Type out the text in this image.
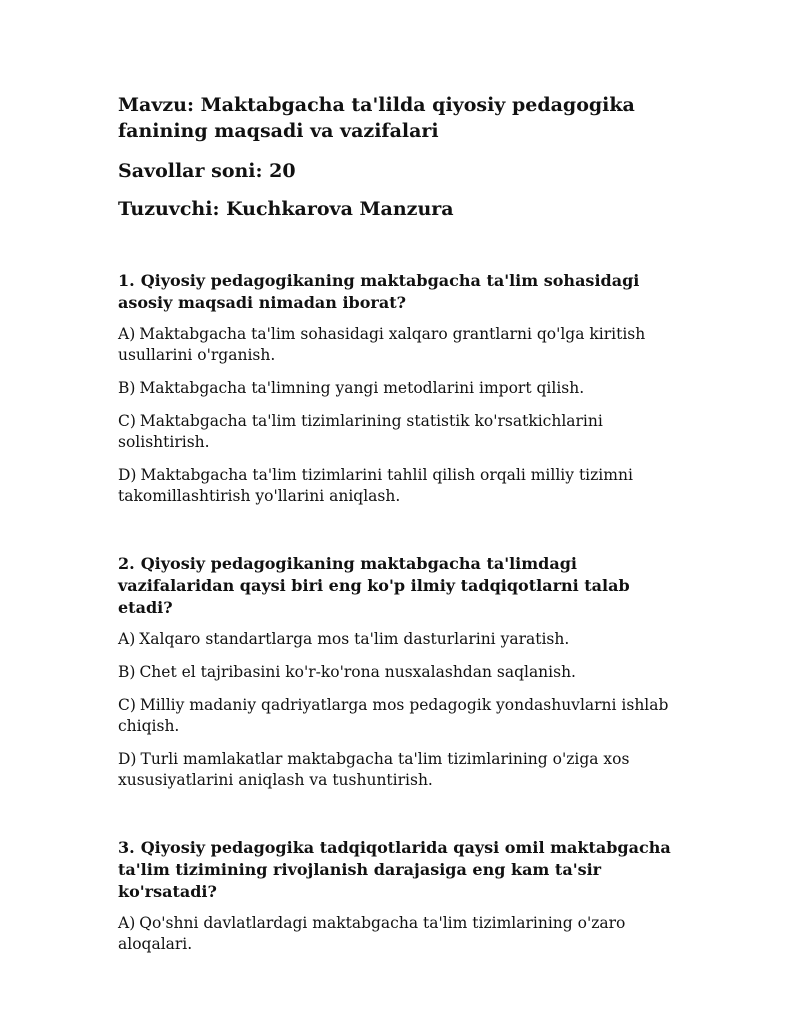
Mavzu: Maktabgacha ta'lilda qiyosiy pedagogika fanining maqsadi va vazifalari
Savollar soni: 20
Tuzuvchi: Kuchkarova Manzura
1. Qiyosiy pedagogikaning maktabgacha ta'lim sohasidagi asosiy maqsadi nimadan iborat?
A) Maktabgacha ta'lim sohasidagi xalqaro grantlarni qo'lga kiritish usullarini o'rganish.
B) Maktabgacha ta'limning yangi metodlarini import qilish.
C) Maktabgacha ta'lim tizimlarining statistik ko'rsatkichlarini solishtirish.
D) Maktabgacha ta'lim tizimlarini tahlil qilish orqali milliy tizimni takomillashtirish yo'llarini aniqlash.
2. Qiyosiy pedagogikaning maktabgacha ta'limdagi vazifalaridan qaysi biri eng ko'p ilmiy tadqiqotlarni talab etadi?
A) Xalqaro standartlarga mos ta'lim dasturlarini yaratish.
B) Chet el tajribasini ko'r-ko'rona nusxalashdan saqlanish.
C) Milliy madaniy qadriyatlarga mos pedagogik yondashuvlarni ishlab chiqish.
D) Turli mamlakatlar maktabgacha ta'lim tizimlarining o'ziga xos xususiyatlarini aniqlash va tushuntirish.
3. Qiyosiy pedagogika tadqiqotlarida qaysi omil maktabgacha ta'lim tizimining rivojlanish darajasiga eng kam ta'sir ko'rsatadi?
A) Qo'shni davlatlardagi maktabgacha ta'lim tizimlarining o'zaro aloqalari.
